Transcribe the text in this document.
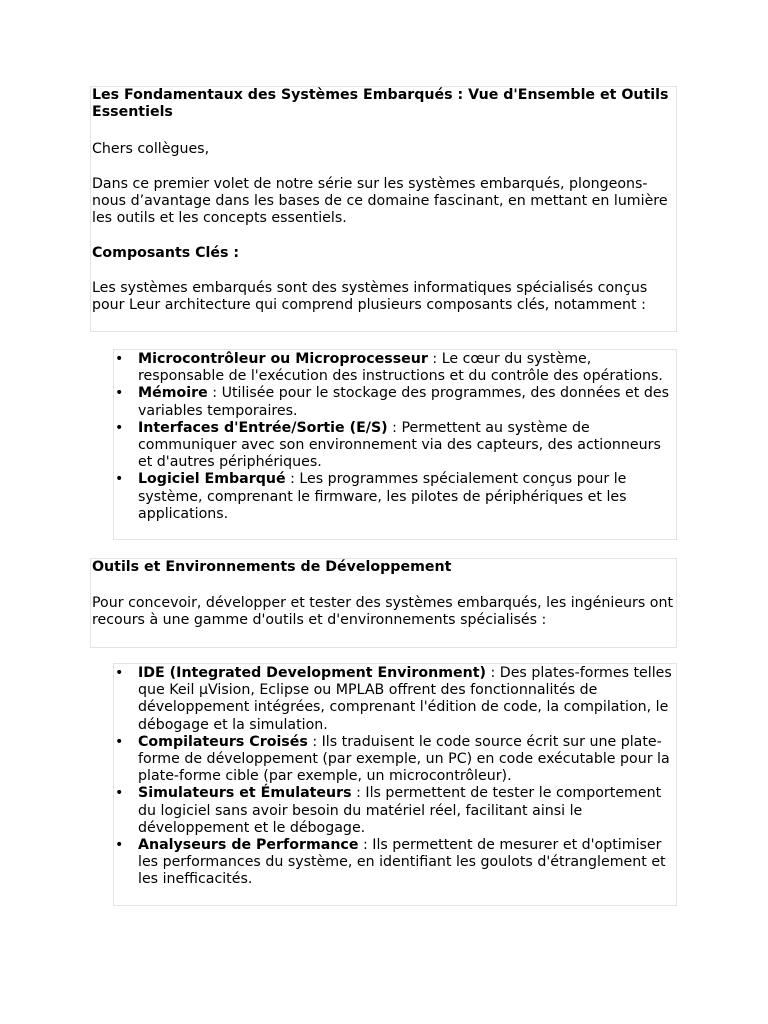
Les Fondamentaux des Systèmes Embarqués : Vue d'Ensemble et Outils Essentiels

Chers collègues,

Dans ce premier volet de notre série sur les systèmes embarqués, plongeons-nous d’avantage dans les bases de ce domaine fascinant, en mettant en lumière les outils et les concepts essentiels.

Composants Clés :

Les systèmes embarqués sont des systèmes informatiques spécialisés conçus pour Leur architecture qui comprend plusieurs composants clés, notamment :

• Microcontrôleur ou Microprocesseur : Le cœur du système, responsable de l'exécution des instructions et du contrôle des opérations.
• Mémoire : Utilisée pour le stockage des programmes, des données et des variables temporaires.
• Interfaces d'Entrée/Sortie (E/S) : Permettent au système de communiquer avec son environnement via des capteurs, des actionneurs et d'autres périphériques.
• Logiciel Embarqué : Les programmes spécialement conçus pour le système, comprenant le firmware, les pilotes de périphériques et les applications.

Outils et Environnements de Développement

Pour concevoir, développer et tester des systèmes embarqués, les ingénieurs ont recours à une gamme d'outils et d'environnements spécialisés :

• IDE (Integrated Development Environment) : Des plates-formes telles que Keil µVision, Eclipse ou MPLAB offrent des fonctionnalités de développement intégrées, comprenant l'édition de code, la compilation, le débogage et la simulation.
• Compilateurs Croisés : Ils traduisent le code source écrit sur une plate-forme de développement (par exemple, un PC) en code exécutable pour la plate-forme cible (par exemple, un microcontrôleur).
• Simulateurs et Émulateurs : Ils permettent de tester le comportement du logiciel sans avoir besoin du matériel réel, facilitant ainsi le développement et le débogage.
• Analyseurs de Performance : Ils permettent de mesurer et d'optimiser les performances du système, en identifiant les goulots d'étranglement et les inefficacités.
